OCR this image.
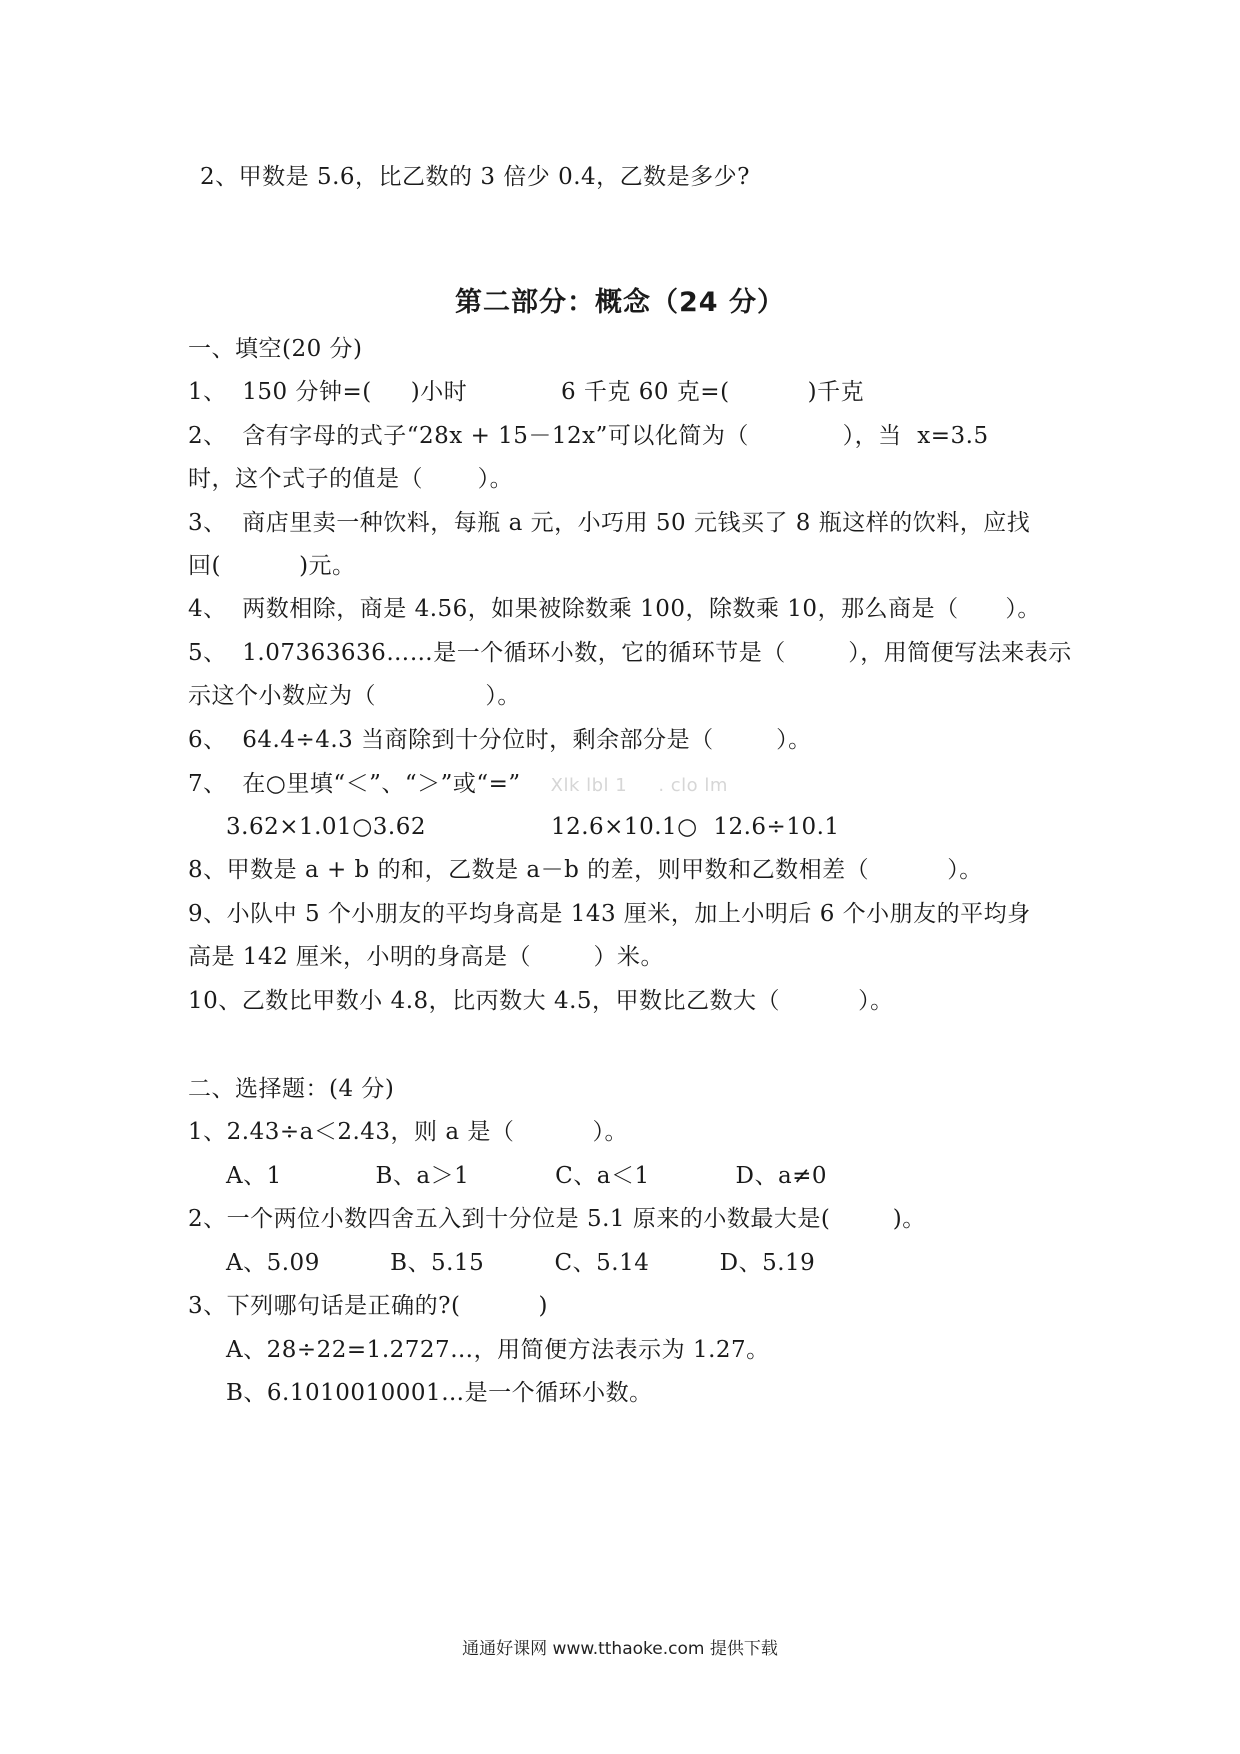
2、甲数是 5.6，比乙数的 3 倍少 0.4，乙数是多少?
第二部分：概念（24 分）
一、填空(20 分)
1、  150 分钟=(     )小时            6 千克 60 克=(          )千克
2、  含有字母的式子“28x + 15－12x”可以化简为（            ），当  x=3.5
时，这个式子的值是（       ）。
3、  商店里卖一种饮料，每瓶 a 元，小巧用 50 元钱买了 8 瓶这样的饮料，应找
回(          )元。
4、  两数相除，商是 4.56，如果被除数乘 100，除数乘 10，那么商是（      ）。
5、  1.07363636……是一个循环小数，它的循环节是（        ），用简便写法来表示
示这个小数应为（              ）。
6、  64.4÷4.3 当商除到十分位时，剩余部分是（        ）。
7、  在○里填“＜”、“＞”或“=” Xlk lbl 1     . clo lm
3.62×1.01○3.62                12.6×10.1○  12.6÷10.1
8、甲数是 a + b 的和，乙数是 a－b 的差，则甲数和乙数相差（          ）。
9、小队中 5 个小朋友的平均身高是 143 厘米，加上小明后 6 个小朋友的平均身
高是 142 厘米，小明的身高是（        ）米。
10、乙数比甲数小 4.8，比丙数大 4.5，甲数比乙数大（          ）。
二、选择题：(4 分)
1、2.43÷a＜2.43，则 a 是（          ）。
A、1            B、a＞1           C、a＜1           D、a≠0
2、一个两位小数四舍五入到十分位是 5.1 原来的小数最大是(        )。
A、5.09         B、5.15         C、5.14         D、5.19
3、下列哪句话是正确的?(          )
A、28÷22=1.2727…，用简便方法表示为 1.27。
B、6.1010010001…是一个循环小数。
通通好课网 www.tthaoke.com 提供下载
